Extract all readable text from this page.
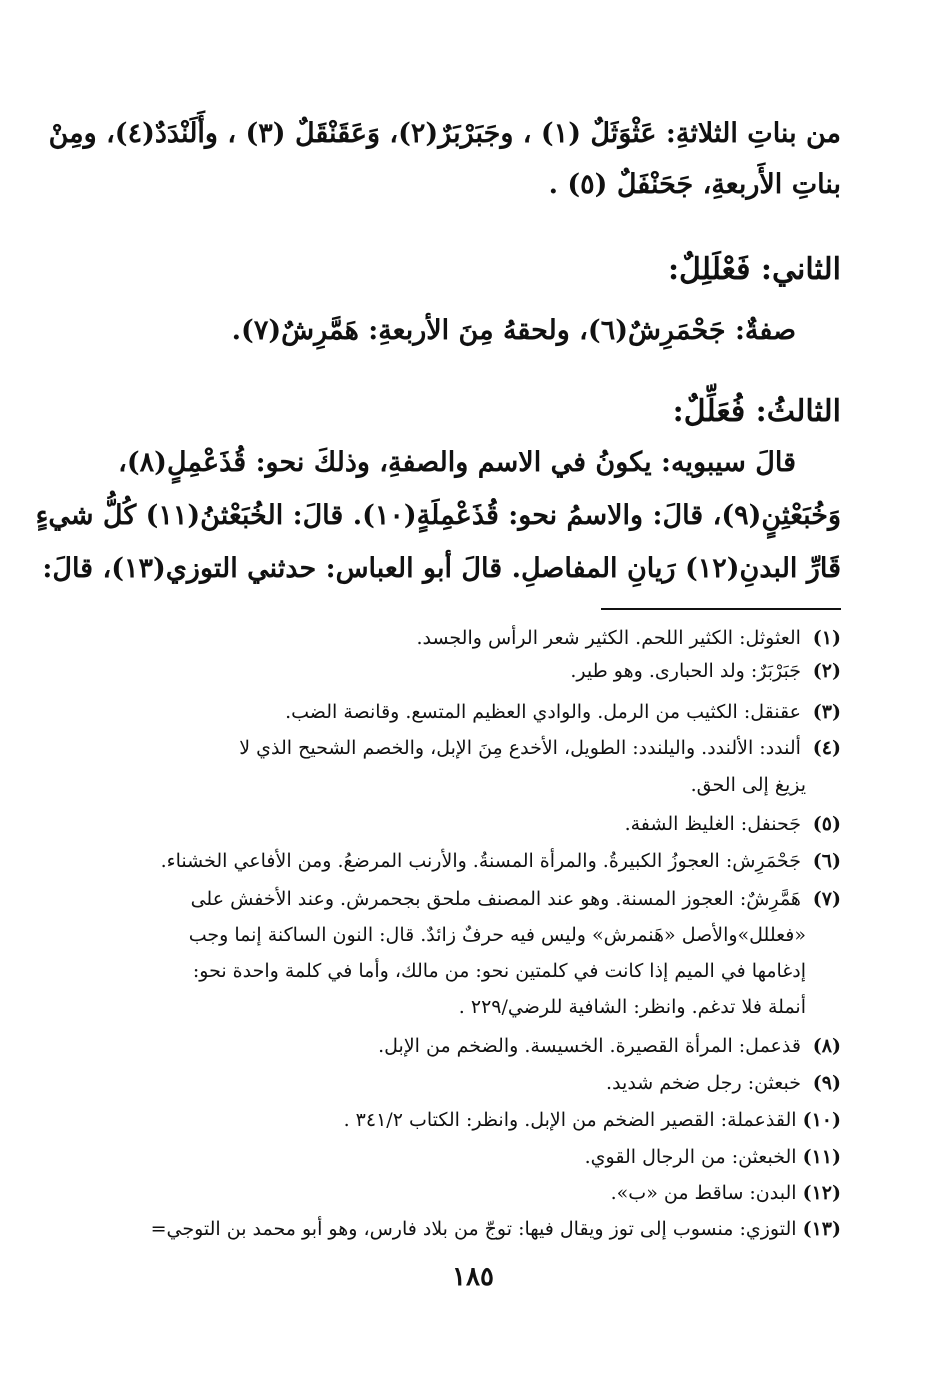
من بناتِ الثلاثةِ: عَثْوَثَلٌ (١) ، وجَبَرْبَرٌ(٢)، وَعَقَنْقَلٌ (٣) ، وأَلَنْدَدٌ(٤)، ومِنْ
بناتِ الأَربعةِ، جَحَنْفَلٌ (٥) .
الثاني: فَعْلَلِلٌ:
صفةٌ: جَحْمَرِشٌ(٦)، ولحقهُ مِنَ الأربعةِ: هَمَّرِشٌ(٧).
الثالثُ: فُعَلِّلٌ:
قالَ سيبويه: يكونُ في الاسم والصفةِ، وذلكَ نحو: قُذَعْمِلٍ(٨)،
وَخُبَعْثِنٍ(٩)، قالَ: والاسمُ نحو: قُذَعْمِلَةٍ(١٠). قالَ: الخُبَعْثنُ(١١) كُلُّ شيءٍ
قَارِّ البدنِ(١٢) رَيانِ المفاصلِ. قالَ أبو العباس: حدثني التوزي(١٣)، قالَ:
(١) العثوثل: الكثير اللحم. الكثير شعر الرأس والجسد.
(٢) جَبَرْبَرٌ: ولد الحبارى. وهو طير.
(٣) عقنقل: الكثيب من الرمل. والوادي العظيم المتسع. وقانصة الضب.
(٤) ألندد: الألندد. واليلندد: الطويل، الأخدع مِنَ الإبل، والخصم الشحيح الذي لا
يزيغ إلى الحق.
(٥) جَحنفل: الغليظ الشفة.
(٦) جَحْمَرِش: العجوزُ الكبيرةُ. والمرأة المسنةُ. والأرنب المرضعُ. ومن الأفاعي الخشناء.
(٧) هَمَّرِشٌ: العجوز المسنة. وهو عند المصنف ملحق بجحمرش. وعند الأخفش على
«فعللل»والأصل «هَنمرش» وليس فيه حرفٌ زائدٌ. قال: النون الساكنة إنما وجب
إدغامها في الميم إذا كانت في كلمتين نحو: من مالك، وأما في كلمة واحدة نحو:
أنملة فلا تدغم. وانظر: الشافية للرضي/٢٢٩ .
(٨) قذعمل: المرأة القصيرة. الخسيسة. والضخم من الإبل.
(٩) خبعثن: رجل ضخم شديد.
(١٠) القذعملة: القصير الضخم من الإبل. وانظر: الكتاب ٣٤١/٢ .
(١١) الخبعثن: من الرجال القوي.
(١٢) البدن: ساقط من «ب».
(١٣) التوزي: منسوب إلى توز ويقال فيها: توجّ من بلاد فارس، وهو أبو محمد بن التوجي=
١٨٥
